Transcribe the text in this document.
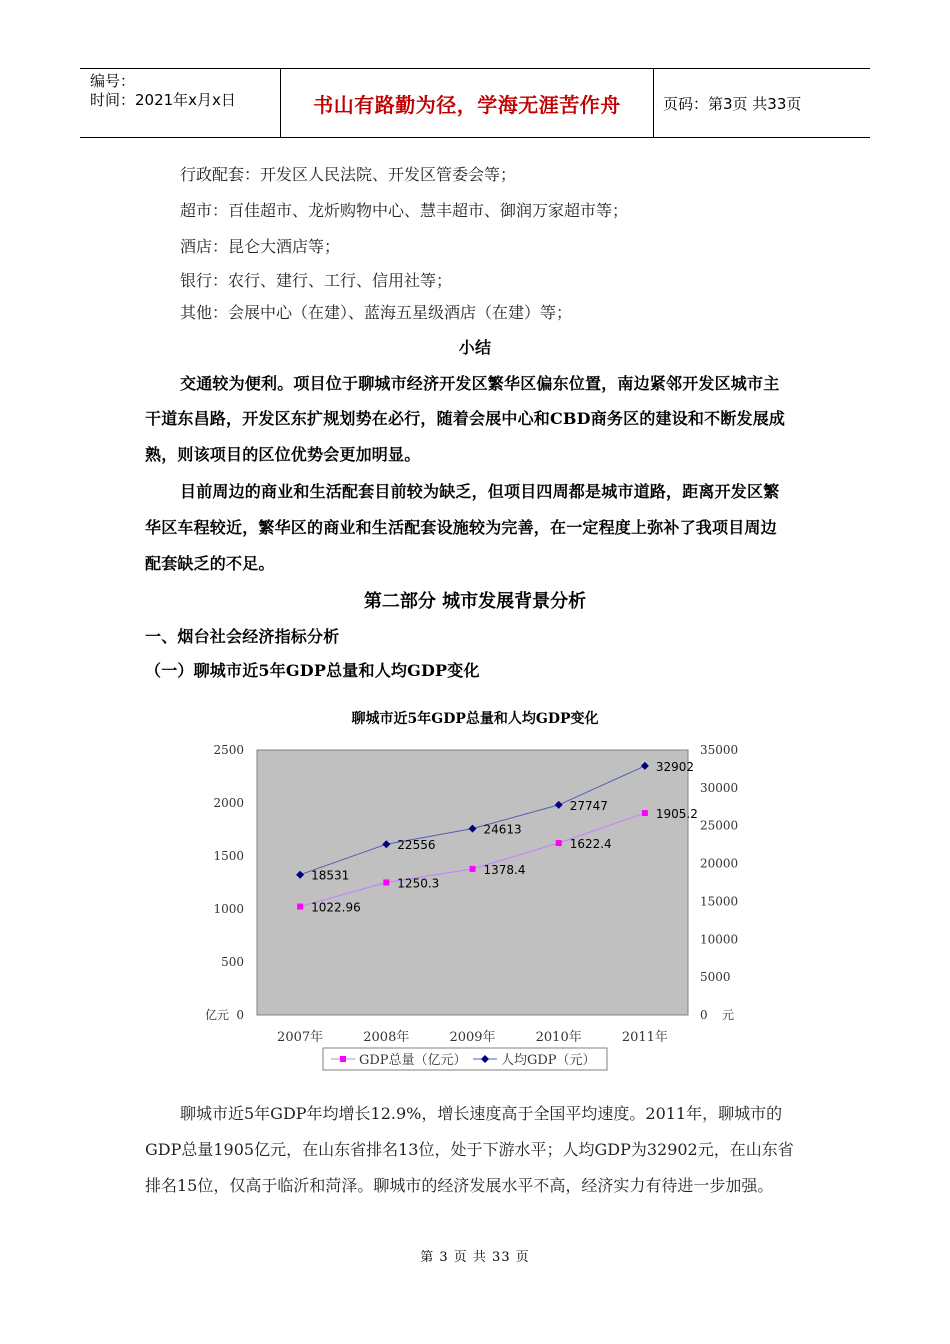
编号：
时间：2021年x月x日	书山有路勤为径，学海无涯苦作舟	页码：第3页 共33页
行政配套：开发区人民法院、开发区管委会等；
超市：百佳超市、龙炘购物中心、慧丰超市、御润万家超市等；
酒店：昆仑大酒店等；
银行：农行、建行、工行、信用社等；
其他：会展中心（在建）、蓝海五星级酒店（在建）等；
小结
交通较为便利。项目位于聊城市经济开发区繁华区偏东位置，南边紧邻开发区城市主
干道东昌路，开发区东扩规划势在必行，随着会展中心和CBD商务区的建设和不断发展成
熟，则该项目的区位优势会更加明显。
目前周边的商业和生活配套目前较为缺乏，但项目四周都是城市道路，距离开发区繁
华区车程较近，繁华区的商业和生活配套设施较为完善，在一定程度上弥补了我项目周边
配套缺乏的不足。
第二部分 城市发展背景分析
一、烟台社会经济指标分析
（一）聊城市近5年GDP总量和人均GDP变化
聊城市近5年GDP总量和人均GDP变化
0
500
1000
1500
2000
2500
0
5000
10000
15000
20000
25000
30000
35000
亿元	元
2007年	2008年	2009年	2010年	2011年
1022.96
1250.3
1378.4
1622.4
1905.2
18531
22556
24613
27747
32902
GDP总量（亿元）	人均GDP（元）
聊城市近5年GDP年均增长12.9%，增长速度高于全国平均速度。2011年，聊城市的
GDP总量1905亿元，在山东省排名13位，处于下游水平；人均GDP为32902元，在山东省
排名15位，仅高于临沂和菏泽。聊城市的经济发展水平不高，经济实力有待进一步加强。
第 3 页 共 33 页
